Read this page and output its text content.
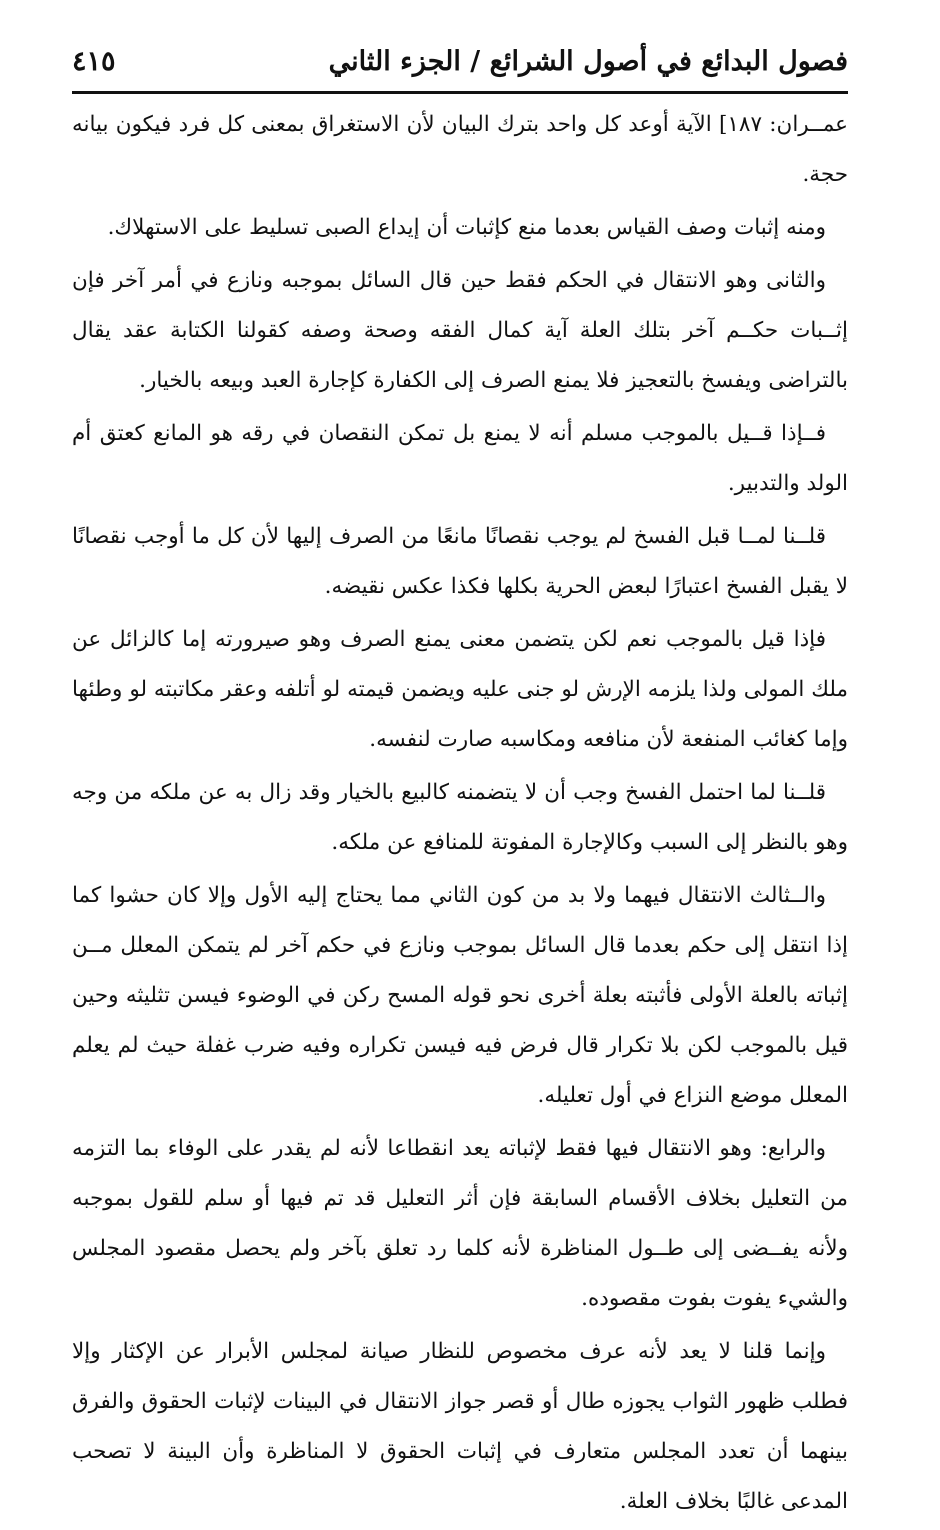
فصول البدائع في أصول الشرائع / الجزء الثاني
٤١٥

عمــران: ١٨٧] الآية أوعد كل واحد بترك البيان لأن الاستغراق بمعنى كل فرد فيكون بيانه حجة.

ومنه إثبات وصف القياس بعدما منع كإثبات أن إيداع الصبى تسليط على الاستهلاك.

والثانى وهو الانتقال في الحكم فقط حين قال السائل بموجبه ونازع في أمر آخر فإن إثــبات حكــم آخر بتلك العلة آية كمال الفقه وصحة وصفه كقولنا الكتابة عقد يقال بالتراضى ويفسخ بالتعجيز فلا يمنع الصرف إلى الكفارة كإجارة العبد وبيعه بالخيار.

فــإذا قــيل بالموجب مسلم أنه لا يمنع بل تمكن النقصان في رقه هو المانع كعتق أم الولد والتدبير.

قلــنا لمــا قبل الفسخ لم يوجب نقصانًا مانعًا من الصرف إليها لأن كل ما أوجب نقصانًا لا يقبل الفسخ اعتبارًا لبعض الحرية بكلها فكذا عكس نقيضه.

فإذا قيل بالموجب نعم لكن يتضمن معنى يمنع الصرف وهو صيرورته إما كالزائل عن ملك المولى ولذا يلزمه الإرش لو جنى عليه ويضمن قيمته لو أتلفه وعقر مكاتبته لو وطئها وإما كغائب المنفعة لأن منافعه ومكاسبه صارت لنفسه.

قلــنا لما احتمل الفسخ وجب أن لا يتضمنه كالبيع بالخيار وقد زال به عن ملكه من وجه وهو بالنظر إلى السبب وكالإجارة المفوتة للمنافع عن ملكه.

والــثالث الانتقال فيهما ولا بد من كون الثاني مما يحتاج إليه الأول وإلا كان حشوا كما إذا انتقل إلى حكم بعدما قال السائل بموجب ونازع في حكم آخر لم يتمكن المعلل مــن إثباته بالعلة الأولى فأثبته بعلة أخرى نحو قوله المسح ركن في الوضوء فيسن تثليثه وحين قيل بالموجب لكن بلا تكرار قال فرض فيه فيسن تكراره وفيه ضرب غفلة حيث لم يعلم المعلل موضع النزاع في أول تعليله.

والرابع: وهو الانتقال فيها فقط لإثباته يعد انقطاعا لأنه لم يقدر على الوفاء بما التزمه من التعليل بخلاف الأقسام السابقة فإن أثر التعليل قد تم فيها أو سلم للقول بموجبه ولأنه يفــضى إلى طــول المناظرة لأنه كلما رد تعلق بآخر ولم يحصل مقصود المجلس والشيء يفوت بفوت مقصوده.

وإنما قلنا لا يعد لأنه عرف مخصوص للنظار صيانة لمجلس الأبرار عن الإكثار وإلا فطلب ظهور الثواب يجوزه طال أو قصر جواز الانتقال في البينات لإثبات الحقوق والفرق بينهما أن تعدد المجلس متعارف في إثبات الحقوق لا المناظرة وأن البينة لا تصحب المدعى غالبًا بخلاف العلة.
